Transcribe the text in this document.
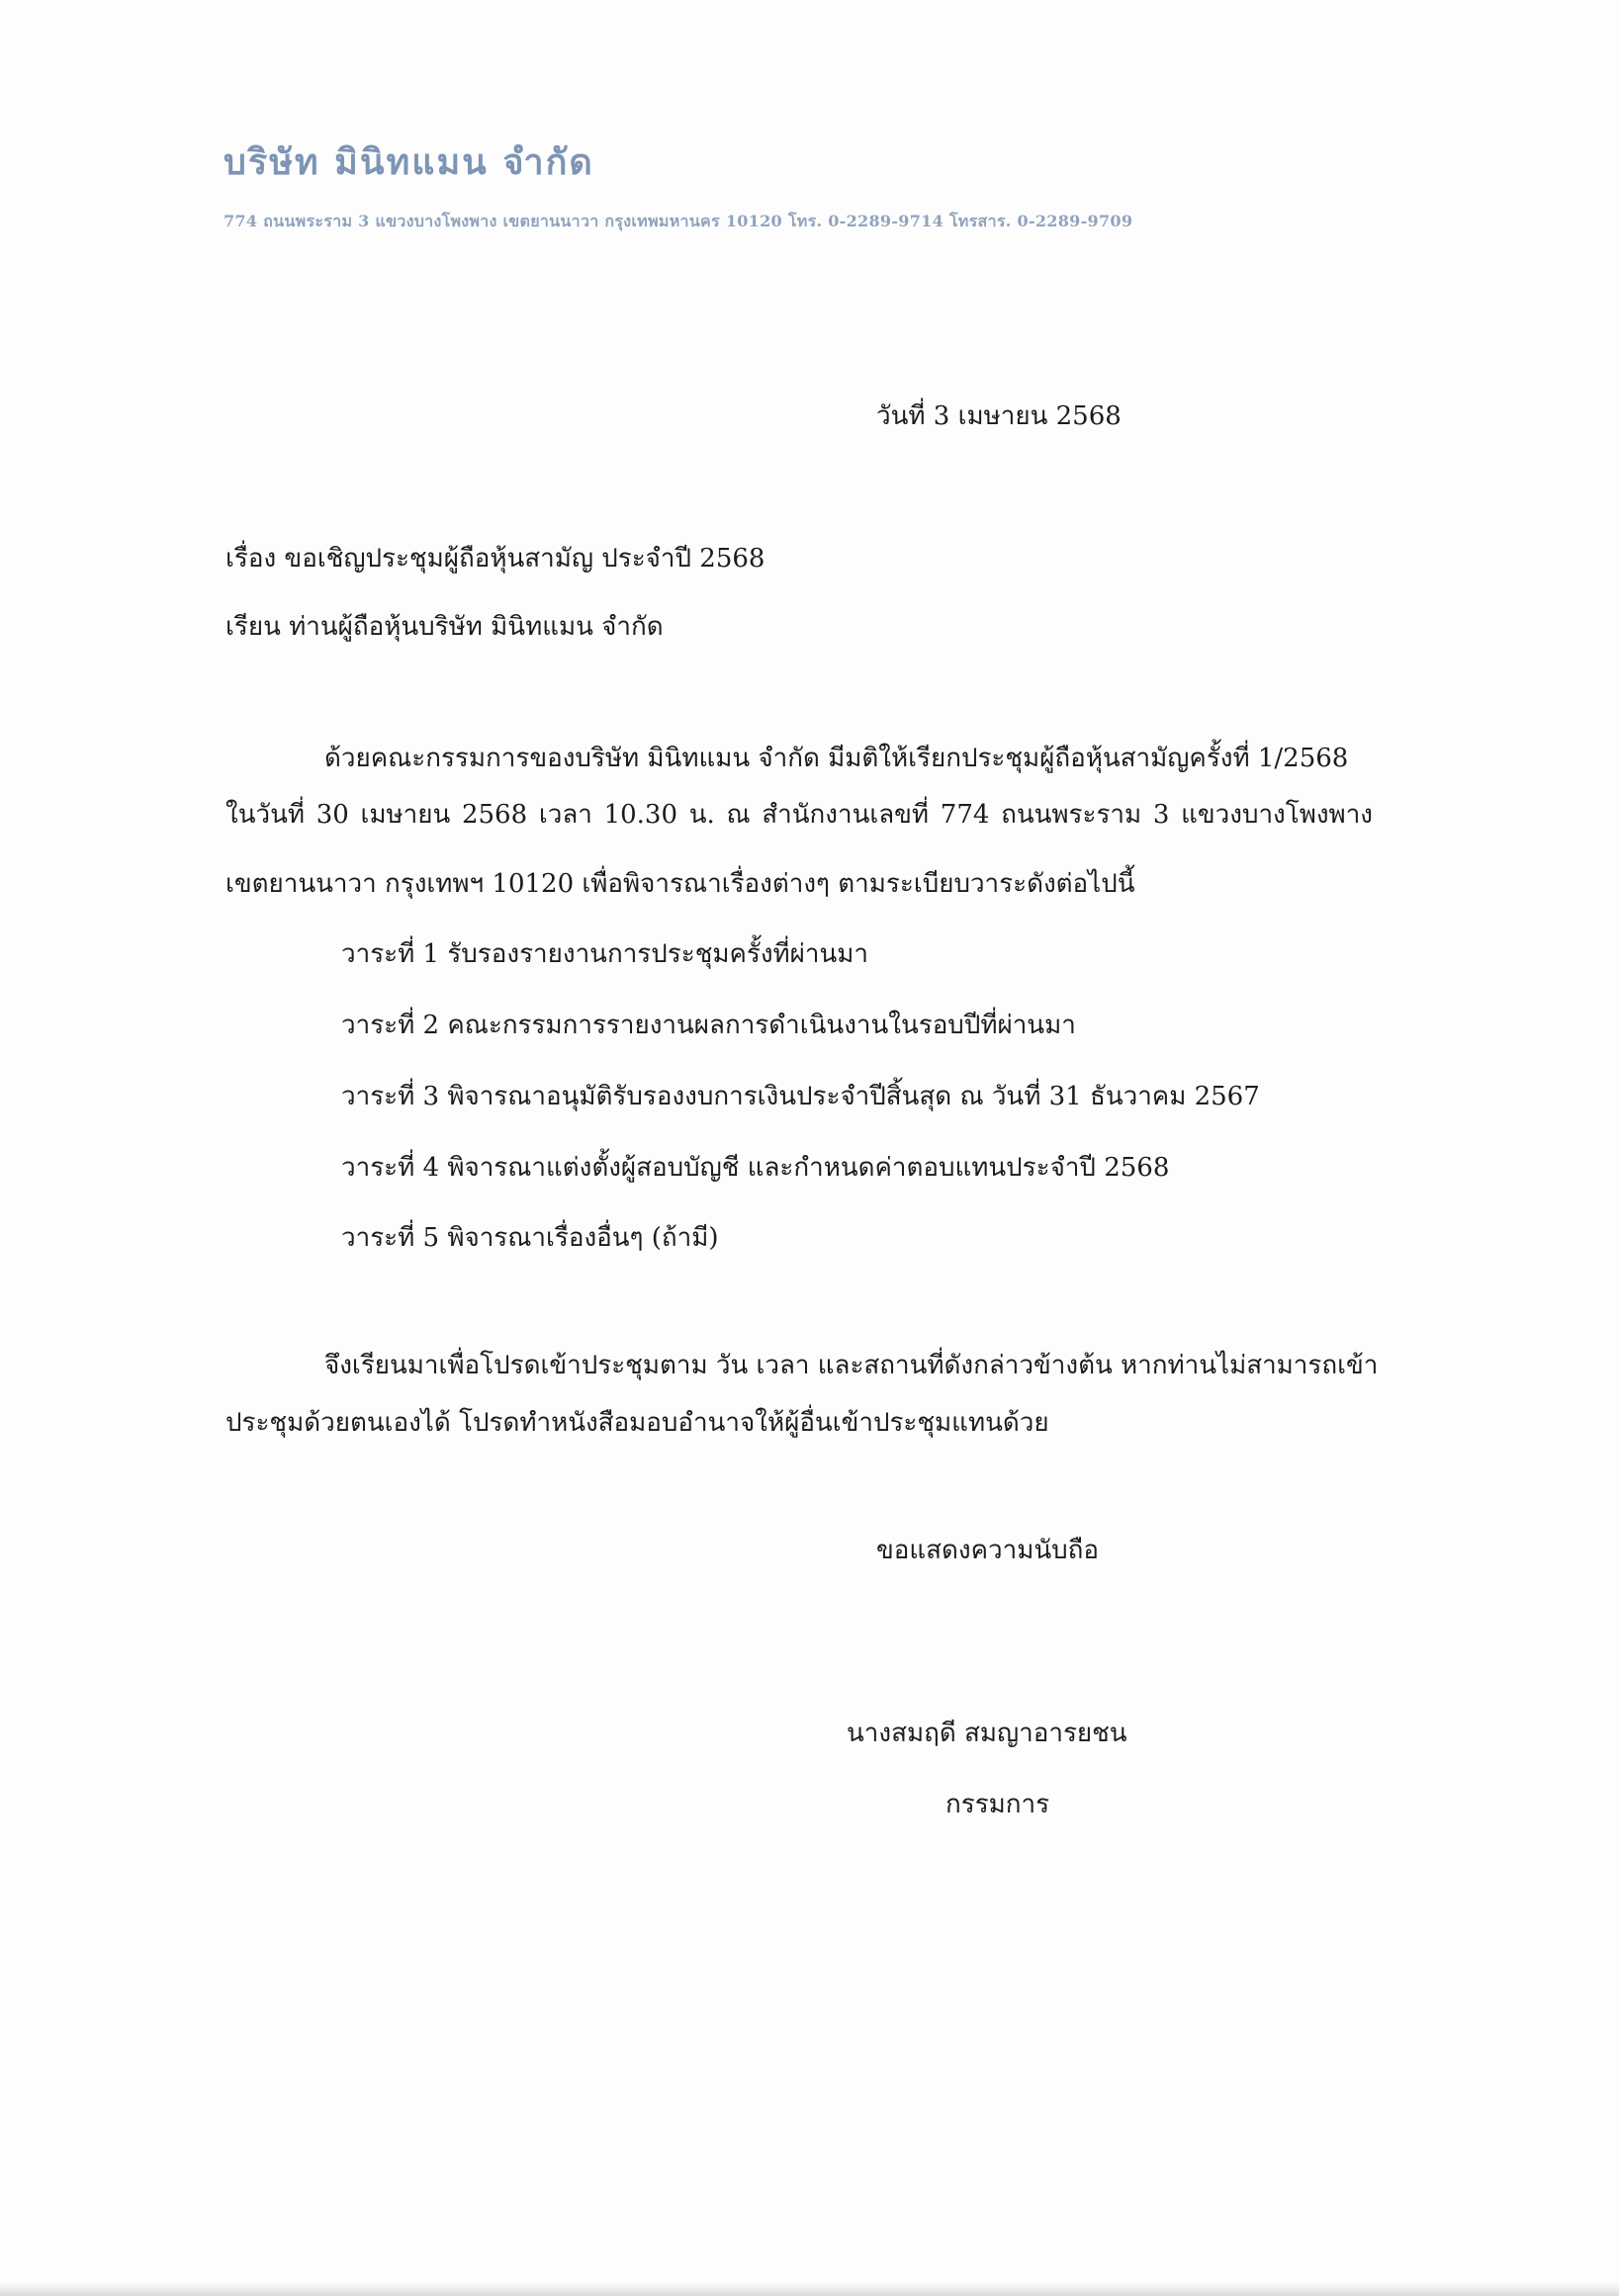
บริษัท มินิทแมน จำกัด
774 ถนนพระราม 3 แขวงบางโพงพาง เขตยานนาวา กรุงเทพมหานคร 10120 โทร. 0-2289-9714 โทรสาร. 0-2289-9709
วันที่ 3 เมษายน 2568
เรื่อง ขอเชิญประชุมผู้ถือหุ้นสามัญ ประจำปี 2568
เรียน ท่านผู้ถือหุ้นบริษัท มินิทแมน จำกัด
ด้วยคณะกรรมการของบริษัท มินิทแมน จำกัด มีมติให้เรียกประชุมผู้ถือหุ้นสามัญครั้งที่ 1/2568
ในวันที่ 30 เมษายน 2568 เวลา 10.30 น. ณ สำนักงานเลขที่ 774 ถนนพระราม 3 แขวงบางโพงพาง
เขตยานนาวา กรุงเทพฯ 10120 เพื่อพิจารณาเรื่องต่างๆ ตามระเบียบวาระดังต่อไปนี้
วาระที่ 1 รับรองรายงานการประชุมครั้งที่ผ่านมา
วาระที่ 2 คณะกรรมการรายงานผลการดำเนินงานในรอบปีที่ผ่านมา
วาระที่ 3 พิจารณาอนุมัติรับรองงบการเงินประจำปีสิ้นสุด ณ วันที่ 31 ธันวาคม 2567
วาระที่ 4 พิจารณาแต่งตั้งผู้สอบบัญชี และกำหนดค่าตอบแทนประจำปี 2568
วาระที่ 5 พิจารณาเรื่องอื่นๆ (ถ้ามี)
จึงเรียนมาเพื่อโปรดเข้าประชุมตาม วัน เวลา และสถานที่ดังกล่าวข้างต้น หากท่านไม่สามารถเข้า
ประชุมด้วยตนเองได้ โปรดทำหนังสือมอบอำนาจให้ผู้อื่นเข้าประชุมแทนด้วย
ขอแสดงความนับถือ
นางสมฤดี สมญาอารยชน
กรรมการ
